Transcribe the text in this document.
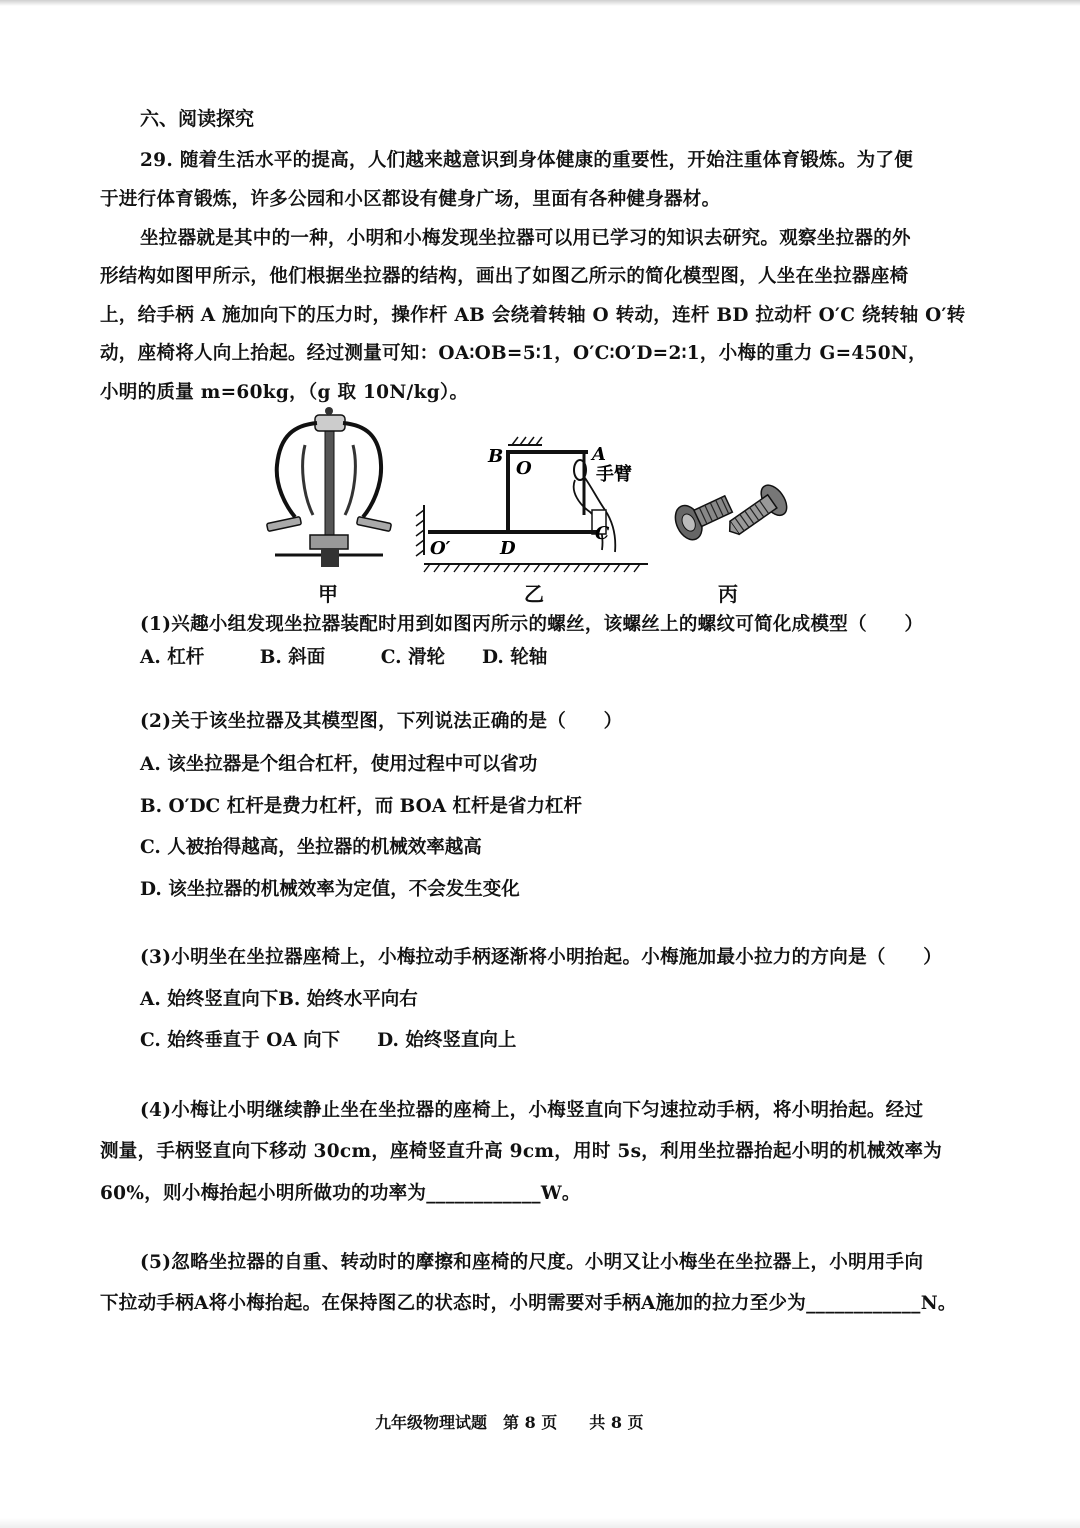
六、阅读探究
29. 随着生活水平的提高，人们越来越意识到身体健康的重要性，开始注重体育锻炼。为了便
于进行体育锻炼，许多公园和小区都设有健身广场，里面有各种健身器材。
坐拉器就是其中的一种，小明和小梅发现坐拉器可以用已学习的知识去研究。观察坐拉器的外
形结构如图甲所示，他们根据坐拉器的结构，画出了如图乙所示的简化模型图，人坐在坐拉器座椅
上，给手柄 A 施加向下的压力时，操作杆 AB 会绕着转轴 O 转动，连杆 BD 拉动杆 O′C 绕转轴 O′转
动，座椅将人向上抬起。经过测量可知：OA∶OB=5∶1，O′C∶O′D=2∶1，小梅的重力 G=450N，
小明的质量 m=60kg，（g 取 10N/kg）。
甲
B
O
A
手臂
C
D
O′
乙	丙
(1)兴趣小组发现坐拉器装配时用到如图丙所示的螺丝，该螺丝上的螺纹可简化成模型（　　）
A. 杠杆　　　B. 斜面　　　C. 滑轮　　D. 轮轴
(2)关于该坐拉器及其模型图，下列说法正确的是（　　）
A. 该坐拉器是个组合杠杆，使用过程中可以省功
B. O′DC 杠杆是费力杠杆，而 BOA 杠杆是省力杠杆
C. 人被抬得越高，坐拉器的机械效率越高
D. 该坐拉器的机械效率为定值，不会发生变化
(3)小明坐在坐拉器座椅上，小梅拉动手柄逐渐将小明抬起。小梅施加最小拉力的方向是（　　）
A. 始终竖直向下B. 始终水平向右
C. 始终垂直于 OA 向下　　D. 始终竖直向上
(4)小梅让小明继续静止坐在坐拉器的座椅上，小梅竖直向下匀速拉动手柄，将小明抬起。经过
测量，手柄竖直向下移动 30cm，座椅竖直升高 9cm，用时 5s，利用坐拉器抬起小明的机械效率为
60%，则小梅抬起小明所做功的功率为____________W。
(5)忽略坐拉器的自重、转动时的摩擦和座椅的尺度。小明又让小梅坐在坐拉器上，小明用手向
下拉动手柄A将小梅抬起。在保持图乙的状态时，小明需要对手柄A施加的拉力至少为____________N。
九年级物理试题　第 8 页　　共 8 页
